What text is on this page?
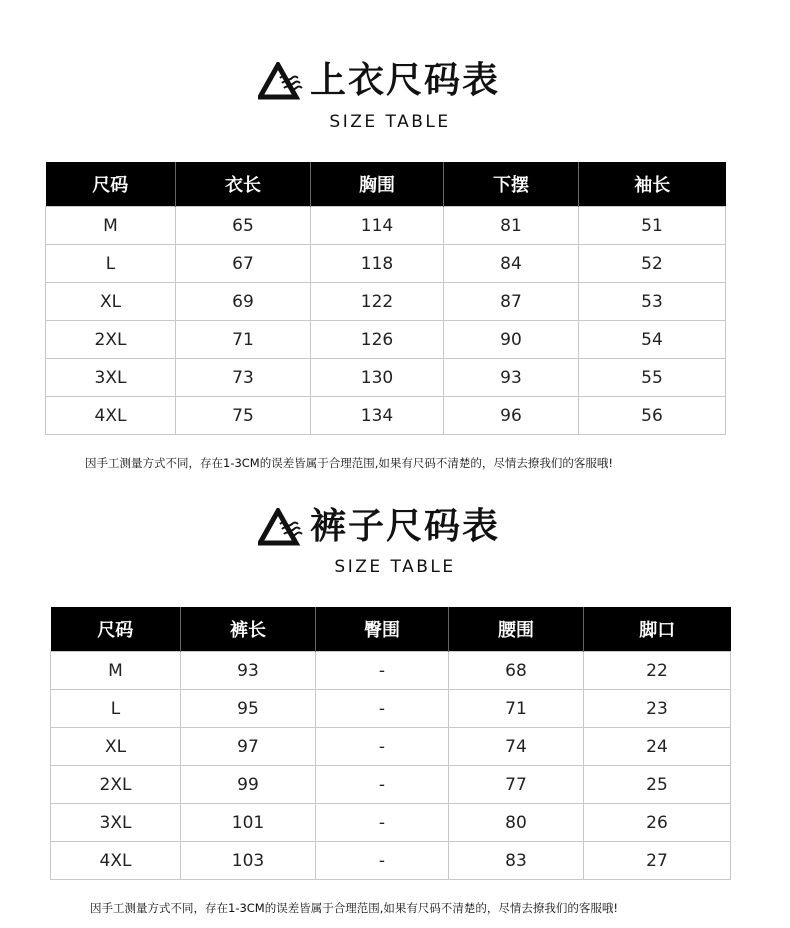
上衣尺码表
SIZE TABLE
尺码	衣长	胸围	下摆	袖长
M	65	114	81	51
L	67	118	84	52
XL	69	122	87	53
2XL	71	126	90	54
3XL	73	130	93	55
4XL	75	134	96	56
因手工测量方式不同，存在1-3CM的误差皆属于合理范围,如果有尺码不清楚的，尽情去撩我们的客服哦!
裤子尺码表
SIZE TABLE
尺码	裤长	臀围	腰围	脚口
M	93	-	68	22
L	95	-	71	23
XL	97	-	74	24
2XL	99	-	77	25
3XL	101	-	80	26
4XL	103	-	83	27
因手工测量方式不同，存在1-3CM的误差皆属于合理范围,如果有尺码不清楚的，尽情去撩我们的客服哦!
